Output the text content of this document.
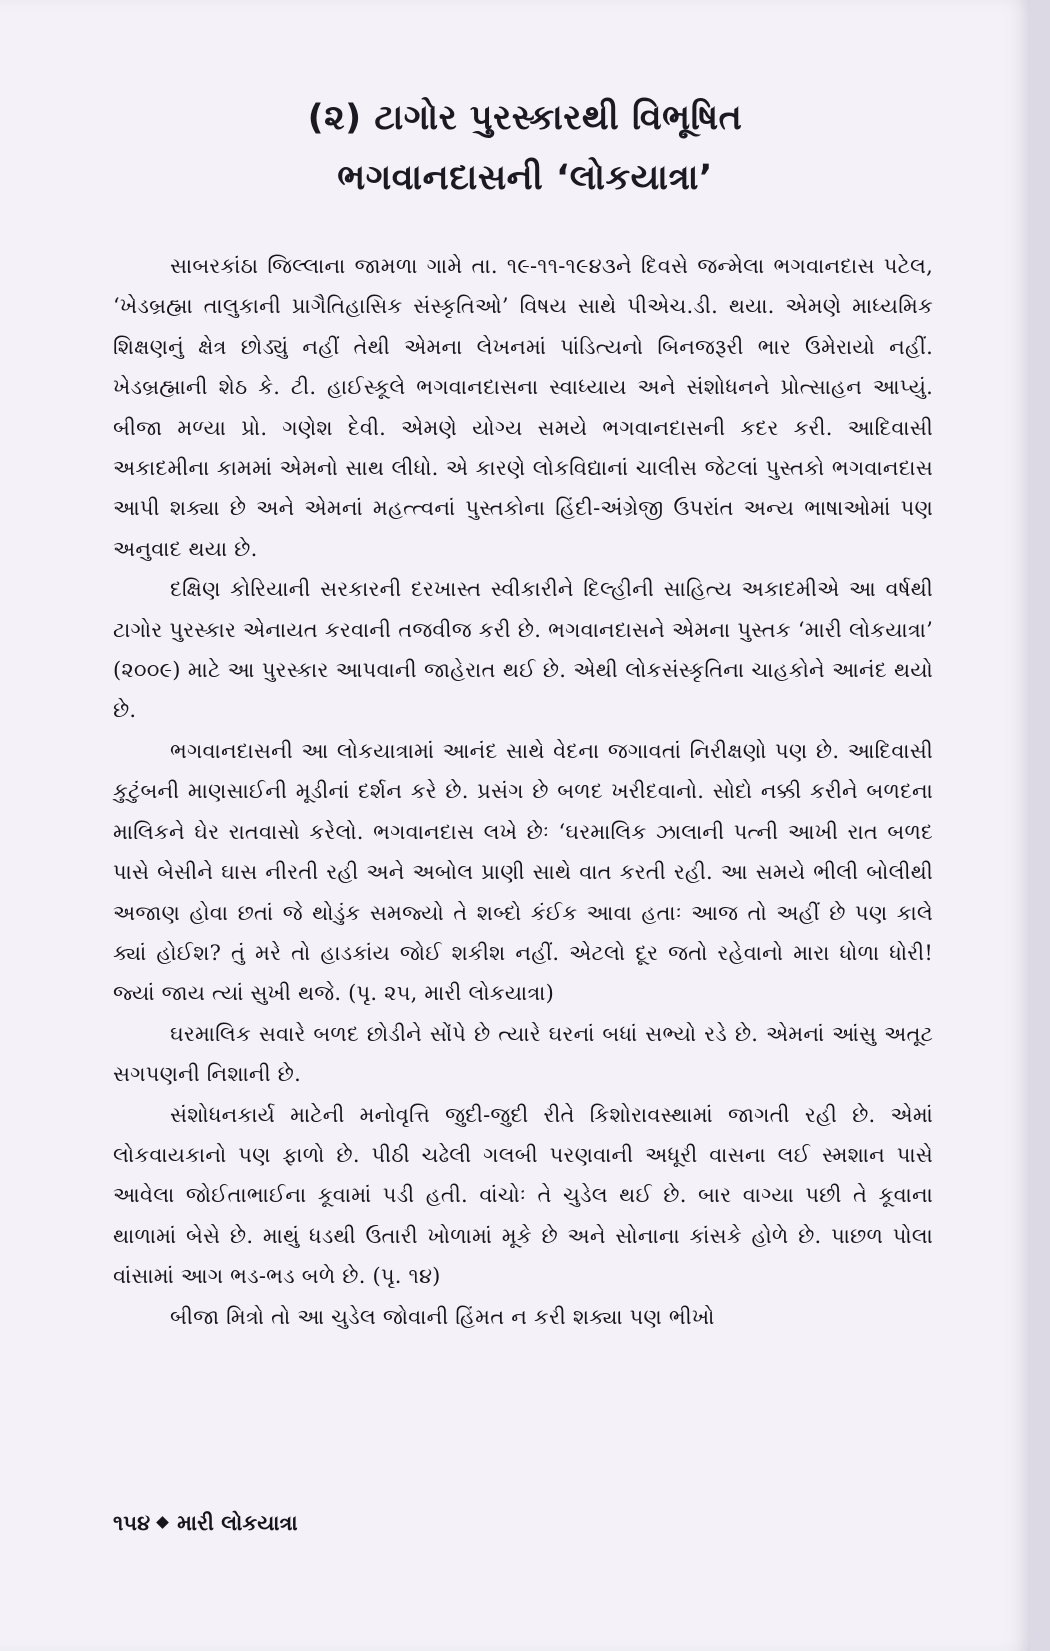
(૨) ટાગોર પુરસ્કારથી વિભૂષિત
ભગવાનદાસની ‘લોકયાત્રા’

સાબરકાંઠા જિલ્લાના જામળા ગામે તા. ૧૯-૧૧-૧૯૪૩ને દિવસે જન્મેલા ભગવાનદાસ પટેલ, ‘ખેડબ્રહ્મા તાલુકાની પ્રાગૈતિહાસિક સંસ્કૃતિઓ’ વિષય સાથે પીએચ.ડી. થયા. એમણે માધ્યમિક શિક્ષણનું ક્ષેત્ર છોડ્યું નહીં તેથી એમના લેખનમાં પાંડિત્યનો બિનજરૂરી ભાર ઉમેરાયો નહીં. ખેડબ્રહ્માની શેઠ કે. ટી. હાઈસ્કૂલે ભગવાનદાસના સ્વાધ્યાય અને સંશોધનને પ્રોત્સાહન આપ્યું. બીજા મળ્યા પ્રો. ગણેશ દેવી. એમણે યોગ્ય સમયે ભગવાનદાસની કદર કરી. આદિવાસી અકાદમીના કામમાં એમનો સાથ લીધો. એ કારણે લોકવિદ્યાનાં ચાલીસ જેટલાં પુસ્તકો ભગવાનદાસ આપી શક્યા છે અને એમનાં મહત્ત્વનાં પુસ્તકોના હિંદી-અંગ્રેજી ઉપરાંત અન્ય ભાષાઓમાં પણ અનુવાદ થયા છે.

દક્ષિણ કોરિયાની સરકારની દરખાસ્ત સ્વીકારીને દિલ્હીની સાહિત્ય અકાદમીએ આ વર્ષથી ટાગોર પુરસ્કાર એનાયત કરવાની તજવીજ કરી છે. ભગવાનદાસને એમના પુસ્તક ‘મારી લોકયાત્રા’ (૨૦૦૯) માટે આ પુરસ્કાર આપવાની જાહેરાત થઈ છે. એથી લોકસંસ્કૃતિના ચાહકોને આનંદ થયો છે.

ભગવાનદાસની આ લોકયાત્રામાં આનંદ સાથે વેદના જગાવતાં નિરીક્ષણો પણ છે. આદિવાસી કુટુંબની માણસાઈની મૂડીનાં દર્શન કરે છે. પ્રસંગ છે બળદ ખરીદવાનો. સોદો નક્કી કરીને બળદના માલિકને ઘેર રાતવાસો કરેલો. ભગવાનદાસ લખે છેઃ ‘ઘરમાલિક ઝાલાની પત્ની આખી રાત બળદ પાસે બેસીને ઘાસ નીરતી રહી અને અબોલ પ્રાણી સાથે વાત કરતી રહી. આ સમયે ભીલી બોલીથી અજાણ હોવા છતાં જે થોડુંક સમજ્યો તે શબ્દો કંઈક આવા હતાઃ આજ તો અહીં છે પણ કાલે ક્યાં હોઈશ? તું મરે તો હાડકાંય જોઈ શકીશ નહીં. એટલો દૂર જતો રહેવાનો મારા ધોળા ધોરી! જ્યાં જાય ત્યાં સુખી થજે. (પૃ. ૨૫, મારી લોકયાત્રા)

ઘરમાલિક સવારે બળદ છોડીને સોંપે છે ત્યારે ઘરનાં બધાં સભ્યો રડે છે. એમનાં આંસુ અતૂટ સગપણની નિશાની છે.

સંશોધનકાર્ય માટેની મનોવૃત્તિ જુદી-જુદી રીતે કિશોરાવસ્થામાં જાગતી રહી છે. એમાં લોકવાયકાનો પણ ફાળો છે. પીઠી ચઢેલી ગલબી પરણવાની અધૂરી વાસના લઈ સ્મશાન પાસે આવેલા જોઈતાભાઈના કૂવામાં પડી હતી. વાંચોઃ તે ચુડેલ થઈ છે. બાર વાગ્યા પછી તે કૂવાના થાળામાં બેસે છે. માથું ધડથી ઉતારી ખોળામાં મૂકે છે અને સોનાના કાંસકે હોળે છે. પાછળ પોલા વાંસામાં આગ ભડ-ભડ બળે છે. (પૃ. ૧૪)

બીજા મિત્રો તો આ ચુડેલ જોવાની હિંમત ન કરી શક્યા પણ ભીખો

૧૫૪ મારી લોકયાત્રા
